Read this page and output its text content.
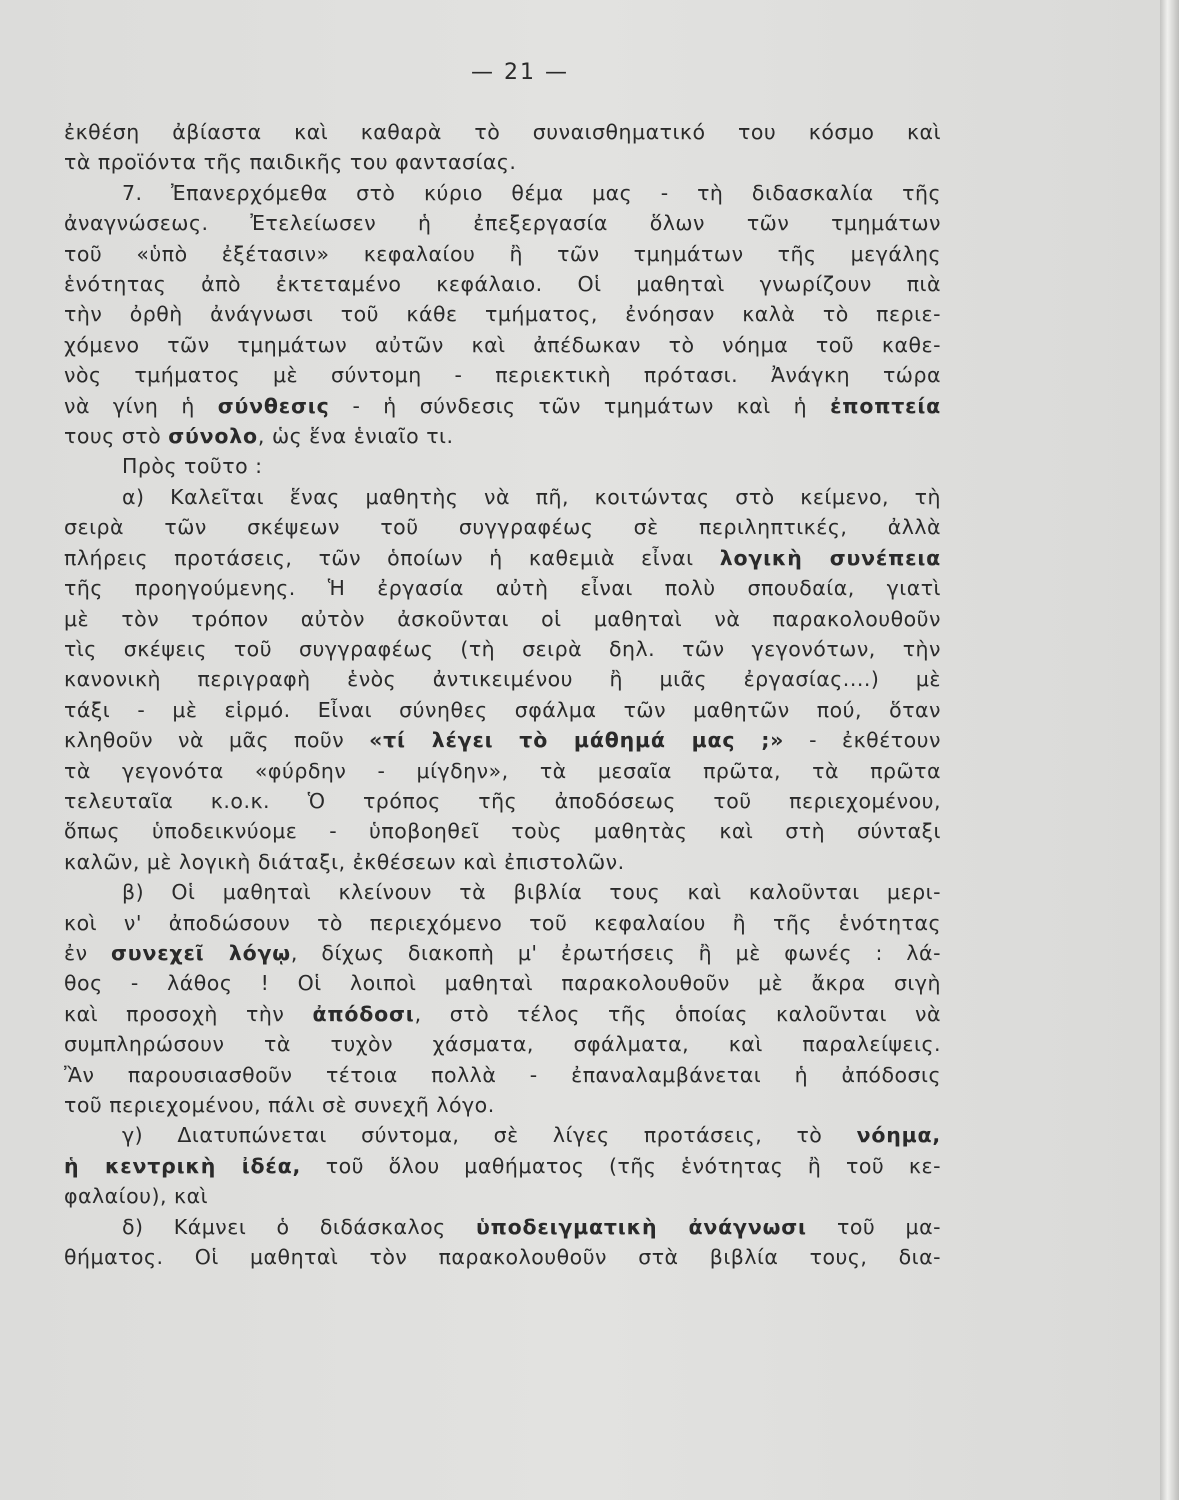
— 21 —
ἐκθέση ἀβίαστα καὶ καθαρὰ τὸ συναισθηματικό του κόσμο καὶ
τὰ προϊόντα τῆς παιδικῆς του φαντασίας.
7. Ἐπανερχόμεθα στὸ κύριο θέμα μας - τὴ διδασκαλία τῆς
ἀναγνώσεως. Ἐτελείωσεν ἡ ἐπεξεργασία ὅλων τῶν τμημάτων
τοῦ «ὑπὸ ἐξέτασιν» κεφαλαίου ἢ τῶν τμημάτων τῆς μεγάλης
ἑνότητας ἀπὸ ἐκτεταμένο κεφάλαιο. Οἱ μαθηταὶ γνωρίζουν πιὰ
τὴν ὀρθὴ ἀνάγνωσι τοῦ κάθε τμήματος, ἐνόησαν καλὰ τὸ περιε-
χόμενο τῶν τμημάτων αὐτῶν καὶ ἀπέδωκαν τὸ νόημα τοῦ καθε-
νὸς τμήματος μὲ σύντομη - περιεκτικὴ πρότασι. Ἀνάγκη τώρα
νὰ γίνη ἡ σύνθεσις - ἡ σύνδεσις τῶν τμημάτων καὶ ἡ ἐποπτεία
τους στὸ σύνολο, ὡς ἕνα ἑνιαῖο τι.
Πρὸς τοῦτο :
α) Καλεῖται ἕνας μαθητὴς νὰ πῆ, κοιτώντας στὸ κείμενο, τὴ
σειρὰ τῶν σκέψεων τοῦ συγγραφέως σὲ περιληπτικές, ἀλλὰ
πλήρεις προτάσεις, τῶν ὁποίων ἡ καθεμιὰ εἶναι λογικὴ συνέπεια
τῆς προηγούμενης. Ἡ ἐργασία αὐτὴ εἶναι πολὺ σπουδαία, γιατὶ
μὲ τὸν τρόπον αὐτὸν ἀσκοῦνται οἱ μαθηταὶ νὰ παρακολουθοῦν
τὶς σκέψεις τοῦ συγγραφέως (τὴ σειρὰ δηλ. τῶν γεγονότων, τὴν
κανονικὴ περιγραφὴ ἑνὸς ἀντικειμένου ἢ μιᾶς ἐργασίας....) μὲ
τάξι - μὲ εἱρμό. Εἶναι σύνηθες σφάλμα τῶν μαθητῶν πού, ὅταν
κληθοῦν νὰ μᾶς ποῦν «τί λέγει τὸ μάθημά μας ;» - ἐκθέτουν
τὰ γεγονότα «φύρδην - μίγδην», τὰ μεσαῖα πρῶτα, τὰ πρῶτα
τελευταῖα κ.ο.κ. Ὁ τρόπος τῆς ἀποδόσεως τοῦ περιεχομένου,
ὅπως ὑποδεικνύομε - ὑποβοηθεῖ τοὺς μαθητὰς καὶ στὴ σύνταξι
καλῶν, μὲ λογικὴ διάταξι, ἐκθέσεων καὶ ἐπιστολῶν.
β) Οἱ μαθηταὶ κλείνουν τὰ βιβλία τους καὶ καλοῦνται μερι-
κοὶ ν' ἀποδώσουν τὸ περιεχόμενο τοῦ κεφαλαίου ἢ τῆς ἑνότητας
ἐν συνεχεῖ λόγῳ, δίχως διακοπὴ μ' ἐρωτήσεις ἢ μὲ φωνές : λά-
θος - λάθος ! Οἱ λοιποὶ μαθηταὶ παρακολουθοῦν μὲ ἄκρα σιγὴ
καὶ προσοχὴ τὴν ἀπόδοσι, στὸ τέλος τῆς ὁποίας καλοῦνται νὰ
συμπληρώσουν τὰ τυχὸν χάσματα, σφάλματα, καὶ παραλείψεις.
Ἂν παρουσιασθοῦν τέτοια πολλὰ - ἐπαναλαμβάνεται ἡ ἀπόδοσις
τοῦ περιεχομένου, πάλι σὲ συνεχῆ λόγο.
γ) Διατυπώνεται σύντομα, σὲ λίγες προτάσεις, τὸ νόημα,
ἡ κεντρικὴ ἰδέα, τοῦ ὅλου μαθήματος (τῆς ἑνότητας ἢ τοῦ κε-
φαλαίου), καὶ
δ) Κάμνει ὁ διδάσκαλος ὑποδειγματικὴ ἀνάγνωσι τοῦ μα-
θήματος. Οἱ μαθηταὶ τὸν παρακολουθοῦν στὰ βιβλία τους, δια-
